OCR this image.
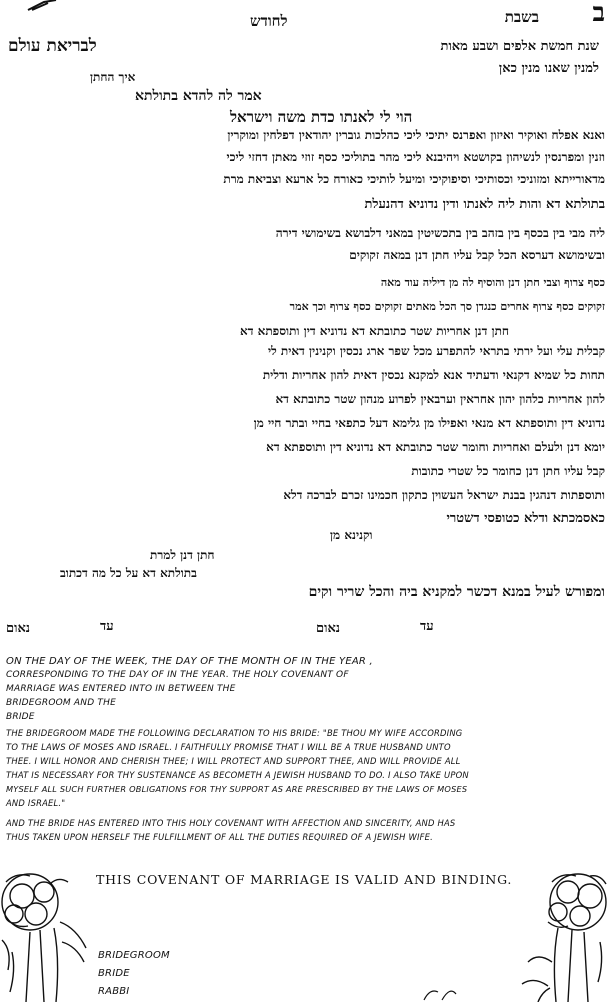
ב
בשבת
לחודש
שנת חמשת אלפים ושבע מאות
לבריאת עולם
למנין שאנו מנין כאן
איך החתן
אמר לה להדא בתולתא
הוי לי לאנתו כדת משה וישראל
ואנא אפלח ואוקיר ואיזון ואפרנס יתיכי ליכי כהלכות גוברין יהודאין דפלחין ומוקרין
וזנין ומפרנסין לנשיהון בקושטא ויהיבנא ליכי מהר בתוליכי כסף זוזי מאתן דחזי ליכי
מדאורייתא ומזוניכי וכסותיכי וסיפוקיכי ומיעל לותיכי כאורח כל ארעא וצביאת מרת
בתולתא דא והות ליה לאנתו ודין נדוניא דהנעלת
ליה מבי בין בכסף בין בזהב בין בתכשיטין במאני דלבושא בשימושי דירה
ובשימושא דערסא הכל קבל עליו חתן דנן במאה זקוקים
כסף צרוף וצבי חתן דנן והוסיף לה מן דיליה עוד מאה
זקוקים כסף צרוף אחרים כנגדן סך הכל מאתים זקוקים כסף צרוף וכך אמר
חתן דנן אחריות שטר כתובתא דא נדוניא דין ותוספתא דא
קבלית עלי ועל ירתי בתראי להתפרע מכל שפר ארג נכסין וקנינין דאית לי
תחות כל שמיא דקנאי ודעתיד אנא למקנא נכסין דאית להון אחריות ודלית
להון אחריות כלהון יהון אחראין וערבאין לפרוע מנהון שטר כתובתא דא
נדוניא דין ותוספתא דא מנאי ואפילו מן גלימא דעל כתפאי בחיי ובתר חיי מן
יומא דנן ולעלם ואחריות וחומר שטר כתובתא דא נדוניא דין ותוספתא דא
קבל עליו חתן דנן כחומר כל שטרי כתובות
ותוספתות דנהגין בבנת ישראל העשוין כתקון חכמינו זכרם לברכה דלא
כאסמכתא ודלא כטופסי דשטרי
וקנינא מן
חתן דנן למרת
בתולתא דא על כל מה דכתוב
ומפורש לעיל במנא דכשר למקניא ביה והכל שריר וקים
נאום	עד	נאום	עד
ON THE DAY OF THE WEEK, THE DAY OF THE MONTH OF IN THE YEAR ,
CORRESPONDING TO THE DAY OF IN THE YEAR. THE HOLY COVENANT OF
MARRIAGE WAS ENTERED INTO IN BETWEEN THE
BRIDEGROOM AND THE
BRIDE
THE BRIDEGROOM MADE THE FOLLOWING DECLARATION TO HIS BRIDE: "BE THOU MY WIFE ACCORDING
TO THE LAWS OF MOSES AND ISRAEL. I FAITHFULLY PROMISE THAT I WILL BE A TRUE HUSBAND UNTO
THEE. I WILL HONOR AND CHERISH THEE; I WILL PROTECT AND SUPPORT THEE, AND WILL PROVIDE ALL
THAT IS NECESSARY FOR THY SUSTENANCE AS BECOMETH A JEWISH HUSBAND TO DO. I ALSO TAKE UPON
MYSELF ALL SUCH FURTHER OBLIGATIONS FOR THY SUPPORT AS ARE PRESCRIBED BY THE LAWS OF MOSES
AND ISRAEL."
AND THE BRIDE HAS ENTERED INTO THIS HOLY COVENANT WITH AFFECTION AND SINCERITY, AND HAS
THUS TAKEN UPON HERSELF THE FULFILLMENT OF ALL THE DUTIES REQUIRED OF A JEWISH WIFE.
THIS COVENANT OF MARRIAGE IS VALID AND BINDING.
BRIDEGROOM
BRIDE
RABBI
